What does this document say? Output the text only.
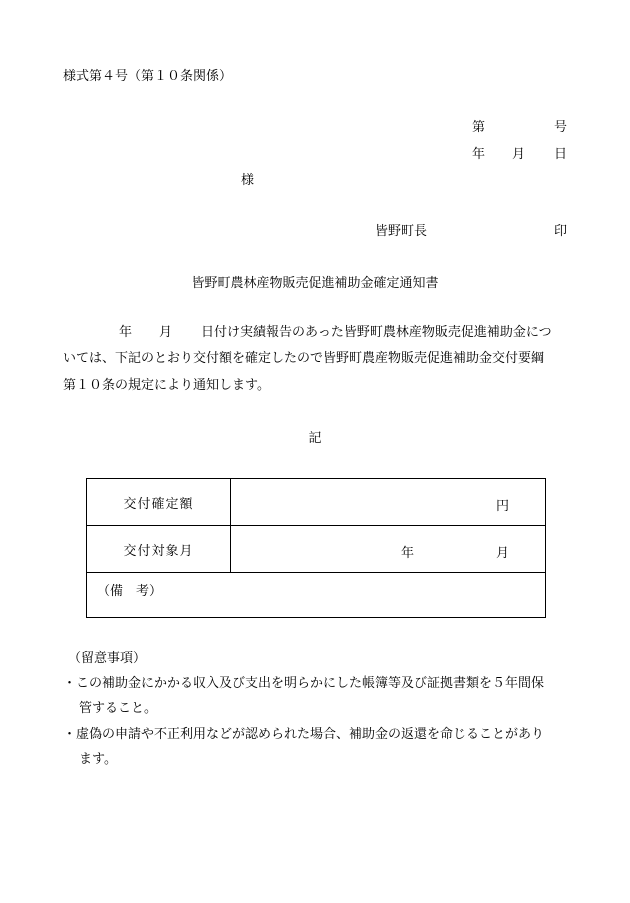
様式第４号（第１０条関係）
第	号
年 月 日
様
皆野町長	印
皆野町農林産物販売促進補助金確定通知書
年 月 日付け実績報告のあった皆野町農林産物販売促進補助金につ
いては、下記のとおり交付額を確定したので皆野町農産物販売促進補助金交付要綱
第１０条の規定により通知します。
記
交付確定額	円

交付対象月	年 月

（備　考）	
（留意事項）
・この補助金にかかる収入及び支出を明らかにした帳簿等及び証拠書類を５年間保
管すること。
・虚偽の申請や不正利用などが認められた場合、補助金の返還を命じることがあり
ます。
